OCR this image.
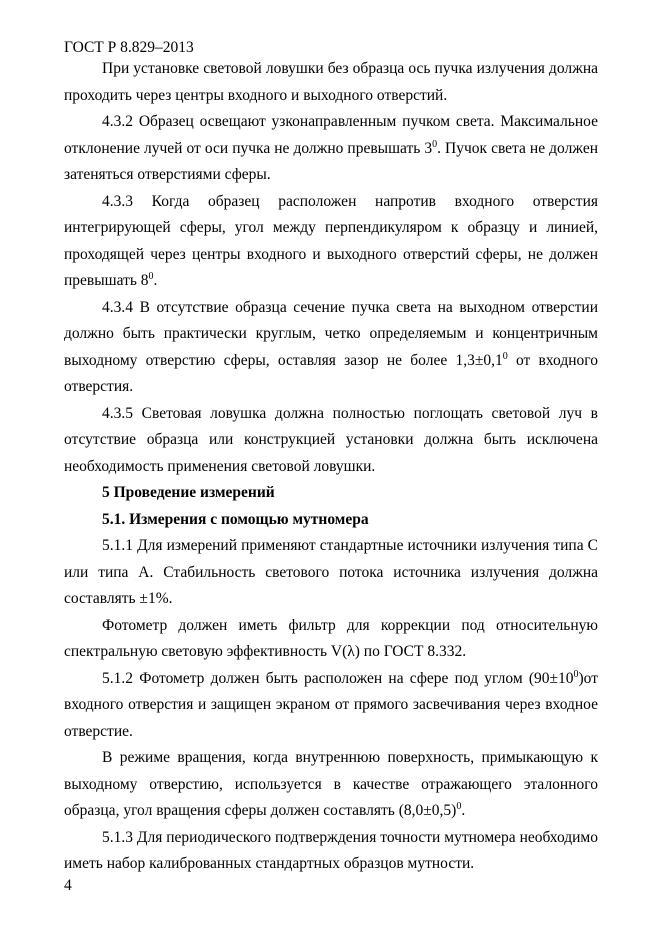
ГОСТ Р 8.829–2013

При установке световой ловушки без образца ось пучка излучения должна проходить через центры входного и выходного отверстий.

4.3.2 Образец освещают узконаправленным пучком света. Максимальное отклонение лучей от оси пучка не должно превышать $3^0$. Пучок света не должен затеняться отверстиями сферы.

4.3.3 Когда образец расположен напротив входного отверстия интегрирующей сферы, угол между перпендикуляром к образцу и линией, проходящей через центры входного и выходного отверстий сферы, не должен превышать $8^0$.

4.3.4 В отсутствие образца сечение пучка света на выходном отверстии должно быть практически круглым, четко определяемым и концентричным выходному отверстию сферы, оставляя зазор не более $1,3\pm 0,1^0$ от входного отверстия.

4.3.5 Световая ловушка должна полностью поглощать световой луч в отсутствие образца или конструкцией установки должна быть исключена необходимость применения световой ловушки.

5 Проведение измерений

5.1. Измерения с помощью мутномера

5.1.1 Для измерений применяют стандартные источники излучения типа С или типа А. Стабильность светового потока источника излучения должна составлять ±1%.

Фотометр должен иметь фильтр для коррекции под относительную спектральную световую эффективность V(λ) по ГОСТ 8.332.

5.1.2 Фотометр должен быть расположен на сфере под углом $(90\pm 10^0)от$ входного отверстия и защищен экраном от прямого засвечивания через входное отверстие.

В режиме вращения, когда внутреннюю поверхность, примыкающую к выходному отверстию, используется в качестве отражающего эталонного образца, угол вращения сферы должен составлять $(8,0\pm 0,5)^0$.

5.1.3 Для периодического подтверждения точности мутномера необходимо иметь набор калиброванных стандартных образцов мутности.

4
